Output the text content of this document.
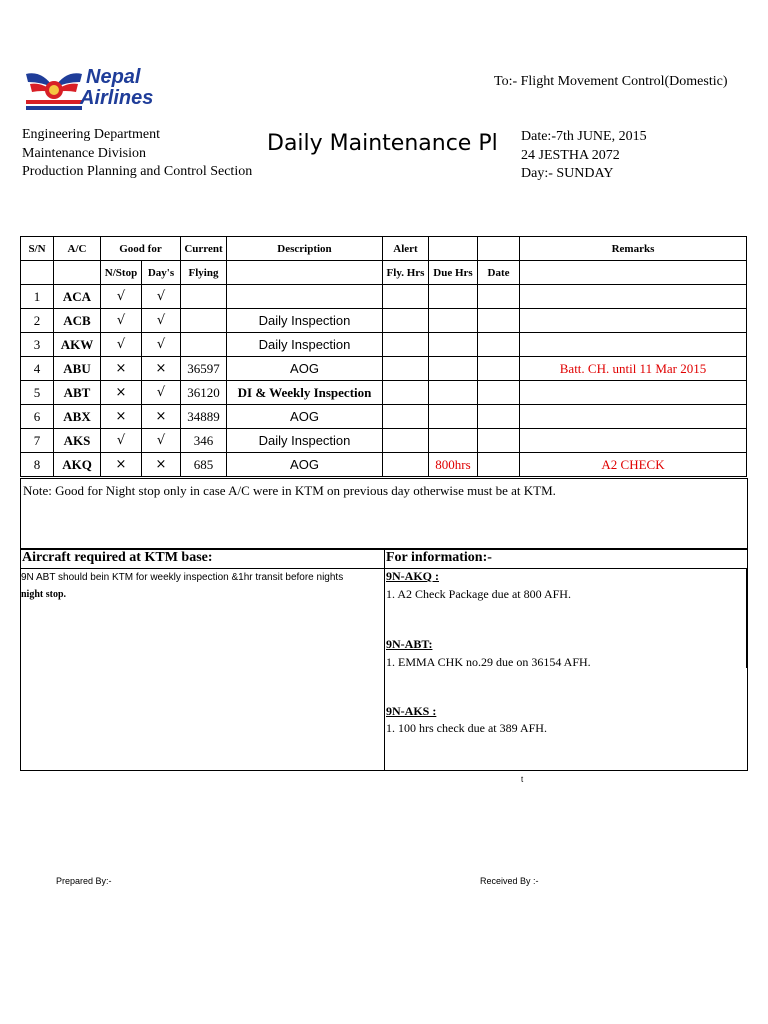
Nepal
Airlines
To:- Flight Movement Control(Domestic)
Engineering Department
Maintenance Division
Production Planning and Control Section
Daily Maintenance Pl	Date:-7th JUNE, 2015
24 JESTHA 2072
Day:- SUNDAY
S/N	A/C	Good for		Current	Description	Alert			Remarks
		N/Stop	Day's	Flying		Fly. Hrs	Due Hrs	Date	
1	ACA	√	√						
2	ACB	√	√		Daily Inspection				
3	AKW	√	√		Daily Inspection				
4	ABU	×	×	36597	AOG				Batt. CH. until 11 Mar 2015
5	ABT	×	√	36120	DI & Weekly Inspection				
6	ABX	×	×	34889	AOG				
7	AKS	√	√	346	Daily Inspection				
8	AKQ	×	×	685	AOG		800hrs		A2 CHECK
Note: Good for Night stop only in case A/C were in KTM on previous day otherwise must be at KTM.
Aircraft required at KTM base:
9N ABT should bein KTM for weekly inspection &1hr transit before nights
night stop.
For information:-
9N-AKQ :
1. A2 Check Package due at 800 AFH.
9N-ABT:
1. EMMA CHK no.29 due on 36154 AFH.
9N-AKS :
1. 100 hrs check due at 389 AFH.
t
Prepared By:-	Received By :-
